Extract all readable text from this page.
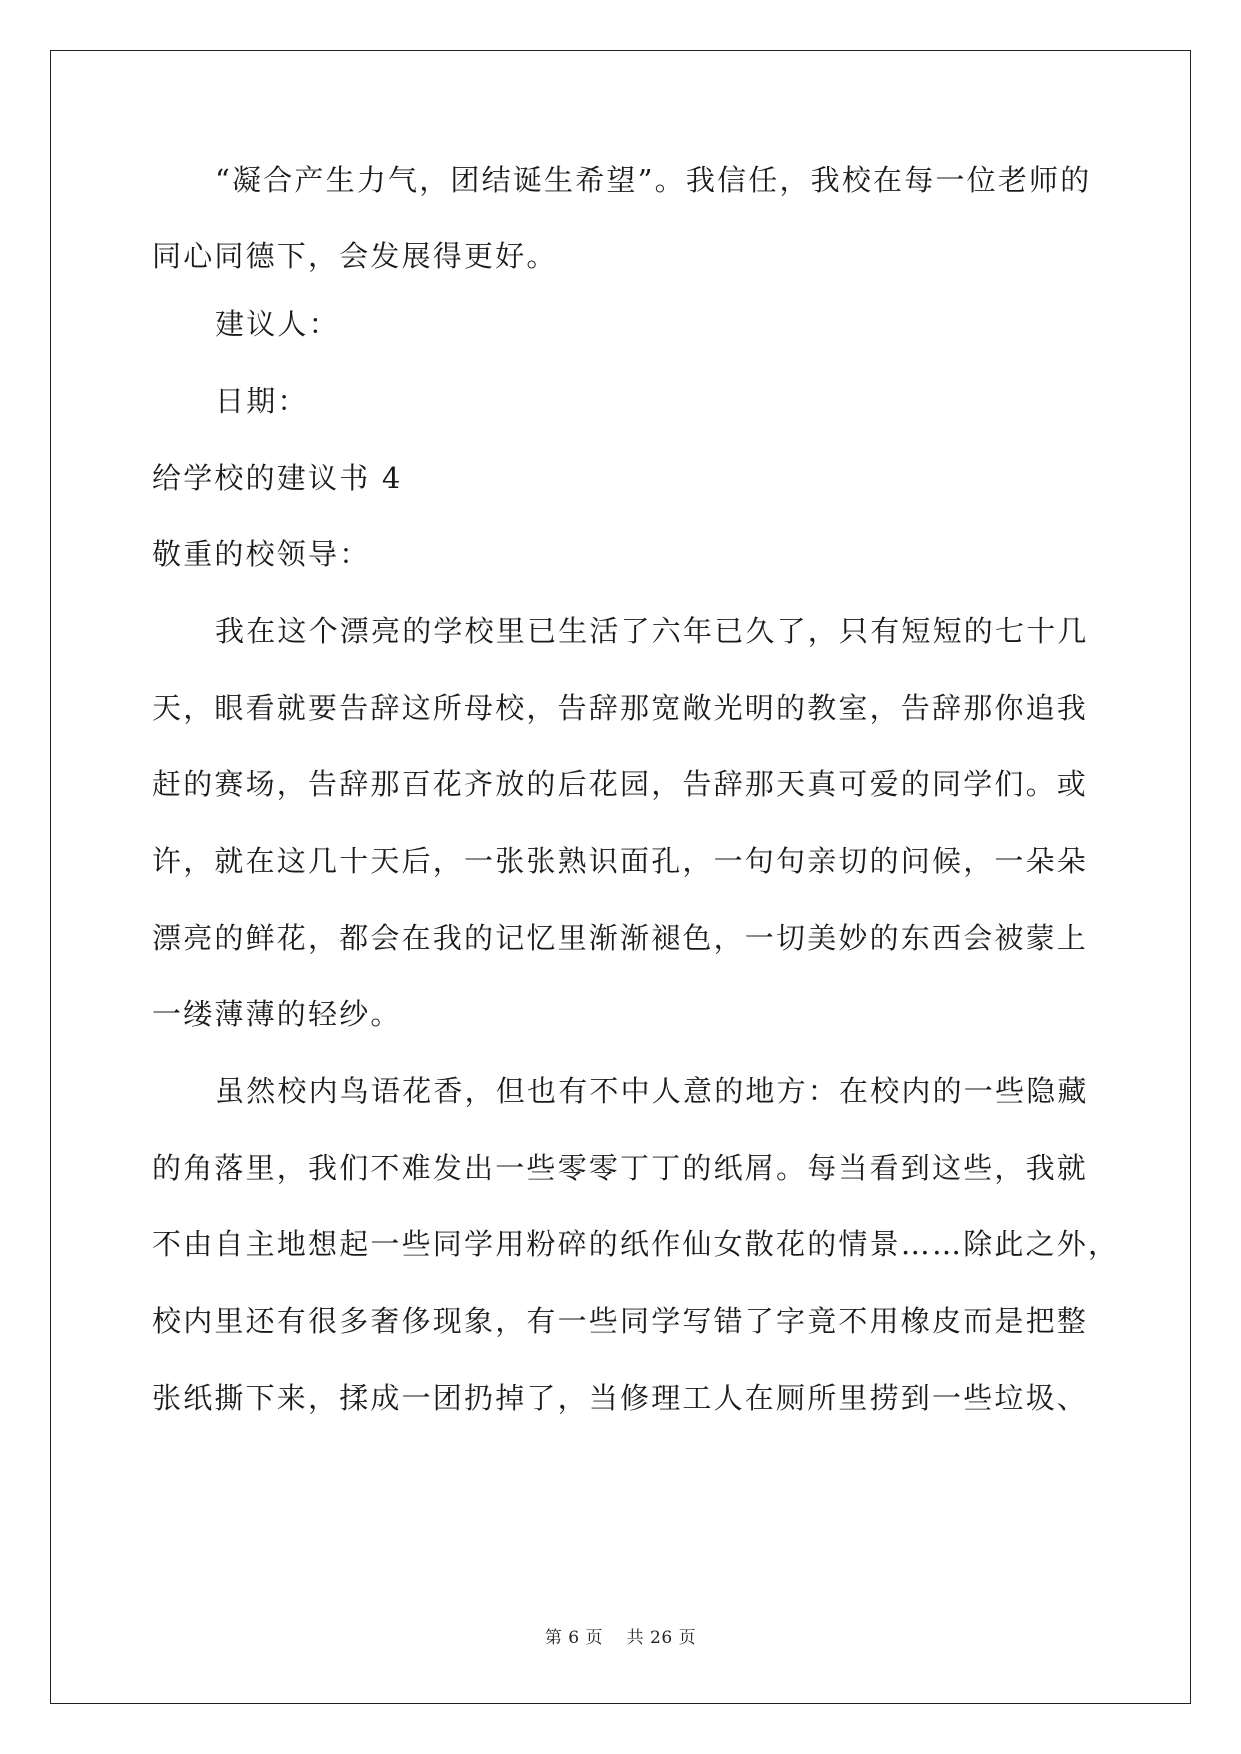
“凝合产生力气，团结诞生希望”。我信任，我校在每一位老师的
同心同德下，会发展得更好。
建议人：
日期：
给学校的建议书 4
敬重的校领导：
我在这个漂亮的学校里已生活了六年已久了，只有短短的七十几
天，眼看就要告辞这所母校，告辞那宽敞光明的教室，告辞那你追我
赶的赛场，告辞那百花齐放的后花园，告辞那天真可爱的同学们。或
许，就在这几十天后，一张张熟识面孔，一句句亲切的问候，一朵朵
漂亮的鲜花，都会在我的记忆里渐渐褪色，一切美妙的东西会被蒙上
一缕薄薄的轻纱。
虽然校内鸟语花香，但也有不中人意的地方：在校内的一些隐藏
的角落里，我们不难发出一些零零丁丁的纸屑。每当看到这些，我就
不由自主地想起一些同学用粉碎的纸作仙女散花的情景……除此之外，
校内里还有很多奢侈现象，有一些同学写错了字竟不用橡皮而是把整
张纸撕下来，揉成一团扔掉了，当修理工人在厕所里捞到一些垃圾、
第 6 页    共 26 页
